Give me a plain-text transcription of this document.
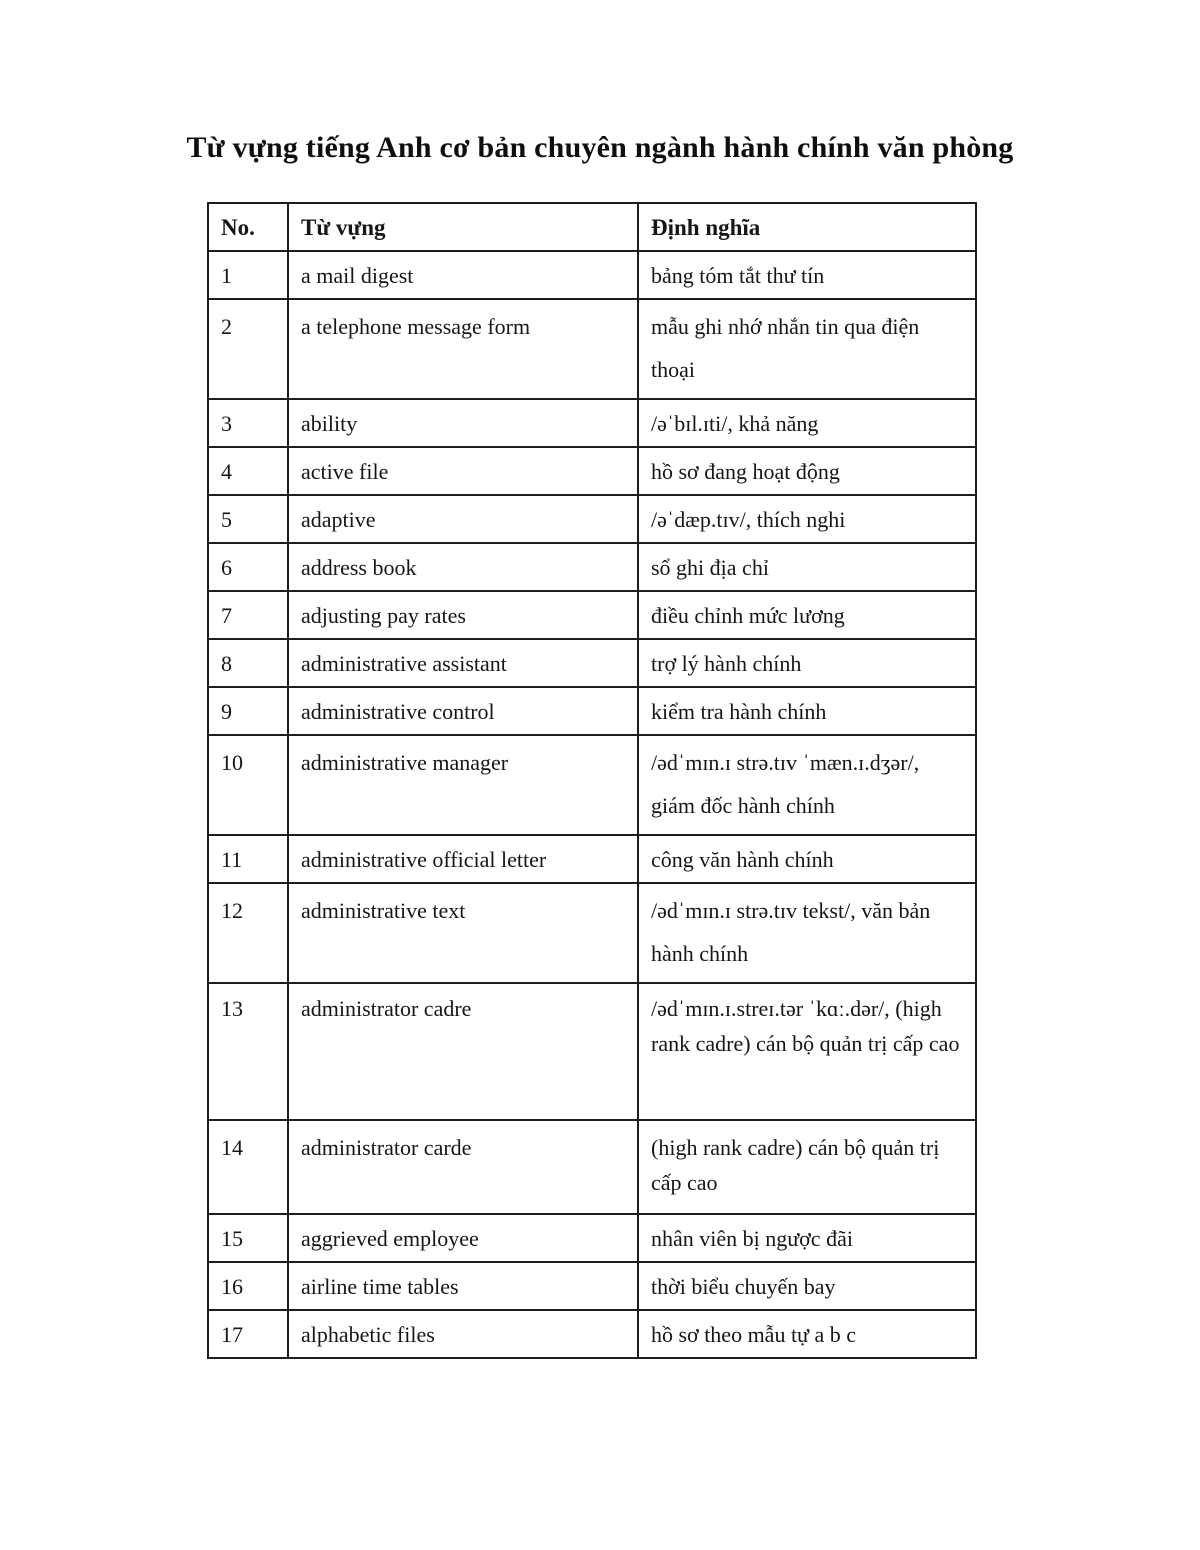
Từ vựng tiếng Anh cơ bản chuyên ngành hành chính văn phòng
No.	Từ vựng	Định nghĩa
1	a mail digest	bảng tóm tắt thư tín
2	a telephone message form	mẫu ghi nhớ nhắn tin qua điện thoại
3	ability	/əˈbɪl.ɪti/, khả năng
4	active file	hồ sơ đang hoạt động
5	adaptive	/əˈdæp.tɪv/, thích nghi
6	address book	sổ ghi địa chỉ
7	adjusting pay rates	điều chỉnh mức lương
8	administrative assistant	trợ lý hành chính
9	administrative control	kiểm tra hành chính
10	administrative manager	/ədˈmɪn.ɪ strə.tɪv ˈmæn.ɪ.dʒər/, giám đốc hành chính
11	administrative official letter	công văn hành chính
12	administrative text	/ədˈmɪn.ɪ strə.tɪv tekst/, văn bản hành chính
13	administrator cadre	/ədˈmɪn.ɪ.streɪ.tər ˈkɑː.dər/, (high rank cadre) cán bộ quản trị cấp cao
14	administrator carde	(high rank cadre) cán bộ quản trị cấp cao
15	aggrieved employee	nhân viên bị ngược đãi
16	airline time tables	thời biểu chuyến bay
17	alphabetic files	hồ sơ theo mẫu tự a b c
